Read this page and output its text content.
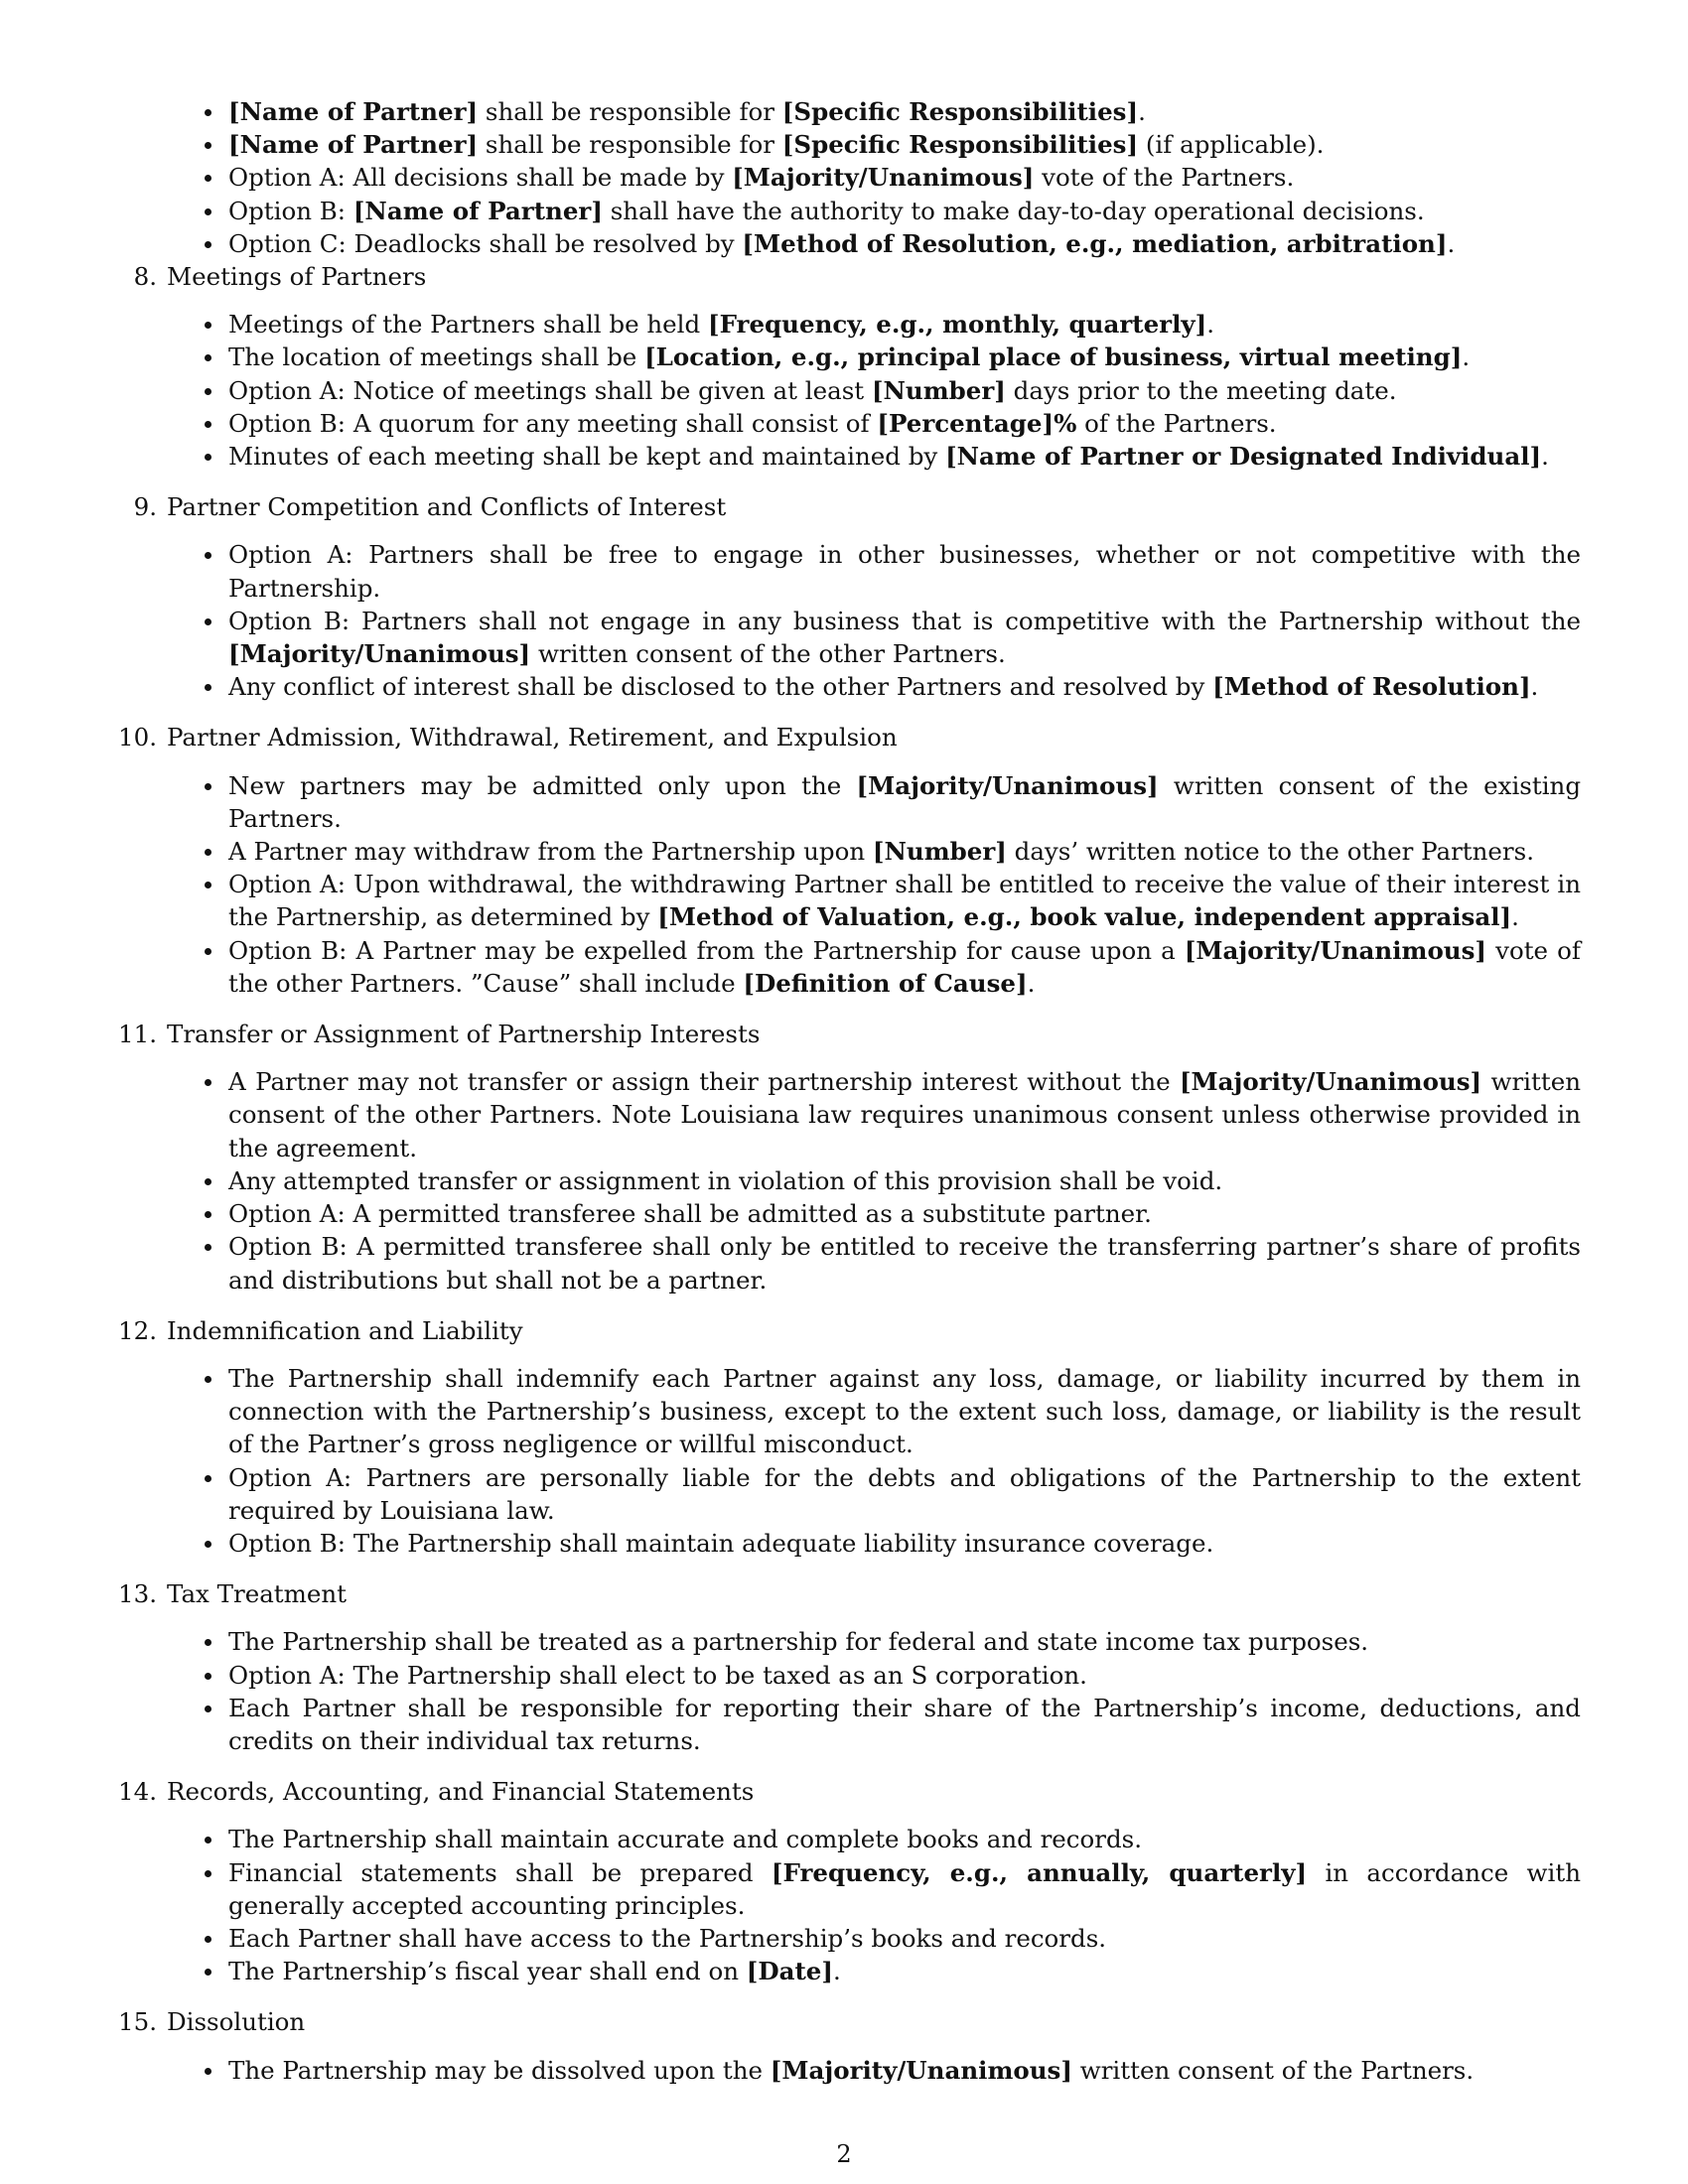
[Name of Partner] shall be responsible for [Specific Responsibilities].
[Name of Partner] shall be responsible for [Specific Responsibilities] (if applicable).
Option A: All decisions shall be made by [Majority/Unanimous] vote of the Partners.
Option B: [Name of Partner] shall have the authority to make day-to-day operational decisions.
Option C: Deadlocks shall be resolved by [Method of Resolution, e.g., mediation, arbitration].
8. Meetings of Partners
Meetings of the Partners shall be held [Frequency, e.g., monthly, quarterly].
The location of meetings shall be [Location, e.g., principal place of business, virtual meeting].
Option A: Notice of meetings shall be given at least [Number] days prior to the meeting date.
Option B: A quorum for any meeting shall consist of [Percentage]% of the Partners.
Minutes of each meeting shall be kept and maintained by [Name of Partner or Designated Individual].
9. Partner Competition and Conflicts of Interest
Option A: Partners shall be free to engage in other businesses, whether or not competitive with the Partnership.
Option B: Partners shall not engage in any business that is competitive with the Partnership without the [Majority/Unanimous] written consent of the other Partners.
Any conflict of interest shall be disclosed to the other Partners and resolved by [Method of Resolution].
10. Partner Admission, Withdrawal, Retirement, and Expulsion
New partners may be admitted only upon the [Majority/Unanimous] written consent of the existing Partners.
A Partner may withdraw from the Partnership upon [Number] days’ written notice to the other Partners.
Option A: Upon withdrawal, the withdrawing Partner shall be entitled to receive the value of their interest in the Partnership, as determined by [Method of Valuation, e.g., book value, independent appraisal].
Option B: A Partner may be expelled from the Partnership for cause upon a [Majority/Unanimous] vote of the other Partners. ”Cause” shall include [Definition of Cause].
11. Transfer or Assignment of Partnership Interests
A Partner may not transfer or assign their partnership interest without the [Majority/Unanimous] written consent of the other Partners. Note Louisiana law requires unanimous consent unless otherwise provided in the agreement.
Any attempted transfer or assignment in violation of this provision shall be void.
Option A: A permitted transferee shall be admitted as a substitute partner.
Option B: A permitted transferee shall only be entitled to receive the transferring partner’s share of profits and distributions but shall not be a partner.
12. Indemnification and Liability
The Partnership shall indemnify each Partner against any loss, damage, or liability incurred by them in connection with the Partnership’s business, except to the extent such loss, damage, or liability is the result of the Partner’s gross negligence or willful misconduct.
Option A: Partners are personally liable for the debts and obligations of the Partnership to the extent required by Louisiana law.
Option B: The Partnership shall maintain adequate liability insurance coverage.
13. Tax Treatment
The Partnership shall be treated as a partnership for federal and state income tax purposes.
Option A: The Partnership shall elect to be taxed as an S corporation.
Each Partner shall be responsible for reporting their share of the Partnership’s income, deductions, and credits on their individual tax returns.
14. Records, Accounting, and Financial Statements
The Partnership shall maintain accurate and complete books and records.
Financial statements shall be prepared [Frequency, e.g., annually, quarterly] in accordance with generally accepted accounting principles.
Each Partner shall have access to the Partnership’s books and records.
The Partnership’s fiscal year shall end on [Date].
15. Dissolution
The Partnership may be dissolved upon the [Majority/Unanimous] written consent of the Partners.
2
